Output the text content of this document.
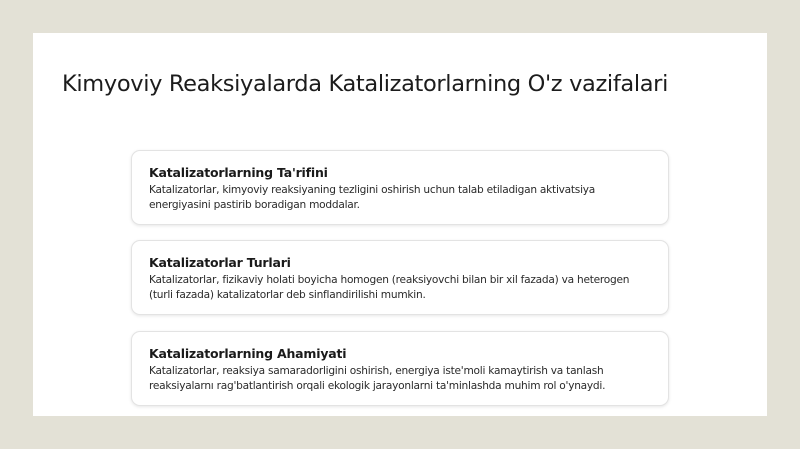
Kimyoviy Reaksiyalarda Katalizatorlarning O'z vazifalari

Katalizatorlarning Ta'rifini

Katalizatorlar, kimyoviy reaksiyaning tezligini oshirish uchun talab etiladigan aktivatsiya energiyasini pastirib boradigan moddalar.

Katalizatorlar Turlari

Katalizatorlar, fizikaviy holati boyicha homogen (reaksiyovchi bilan bir xil fazada) va heterogen (turli fazada) katalizatorlar deb sinflandirilishi mumkin.

Katalizatorlarning Ahamiyati

Katalizatorlar, reaksiya samaradorligini oshirish, energiya iste'moli kamaytirish va tanlash reaksiyalarnı rag'batlantirish orqali ekologik jarayonlarni ta'minlashda muhim rol o'ynaydi.
